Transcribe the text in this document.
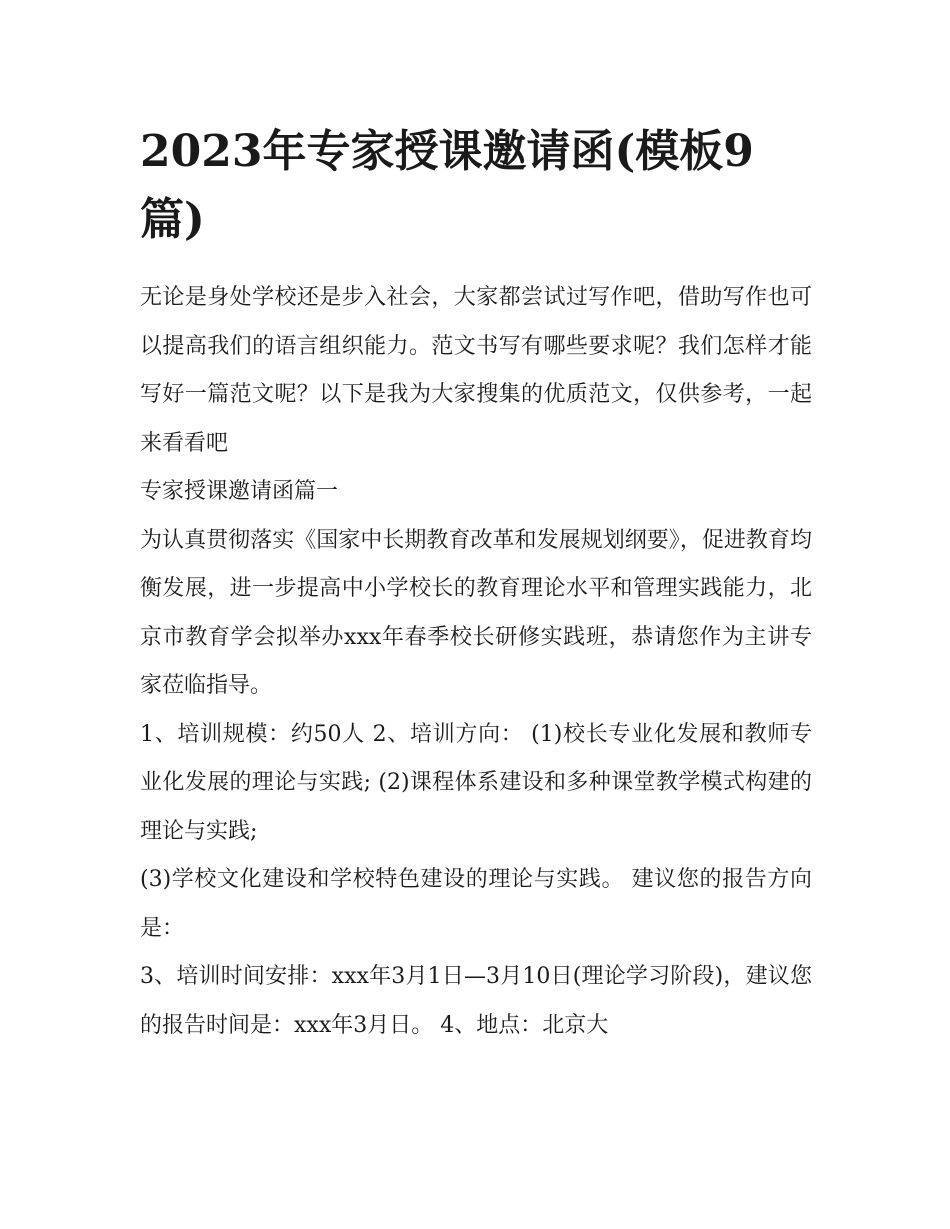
2023年专家授课邀请函(模板9篇)

无论是身处学校还是步入社会，大家都尝试过写作吧，借助写作也可以提高我们的语言组织能力。范文书写有哪些要求呢？我们怎样才能写好一篇范文呢？以下是我为大家搜集的优质范文，仅供参考，一起来看看吧

专家授课邀请函篇一

为认真贯彻落实《国家中长期教育改革和发展规划纲要》，促进教育均衡发展，进一步提高中小学校长的教育理论水平和管理实践能力，北京市教育学会拟举办xxx年春季校长研修实践班，恭请您作为主讲专家莅临指导。

1、培训规模：约50人 2、培训方向： (1)校长专业化发展和教师专业化发展的理论与实践; (2)课程体系建设和多种课堂教学模式构建的理论与实践;

(3)学校文化建设和学校特色建设的理论与实践。 建议您的报告方向是：

3、培训时间安排：xxx年3月1日—3月10日(理论学习阶段)，建议您的报告时间是：xxx年3月日。 4、地点：北京大
